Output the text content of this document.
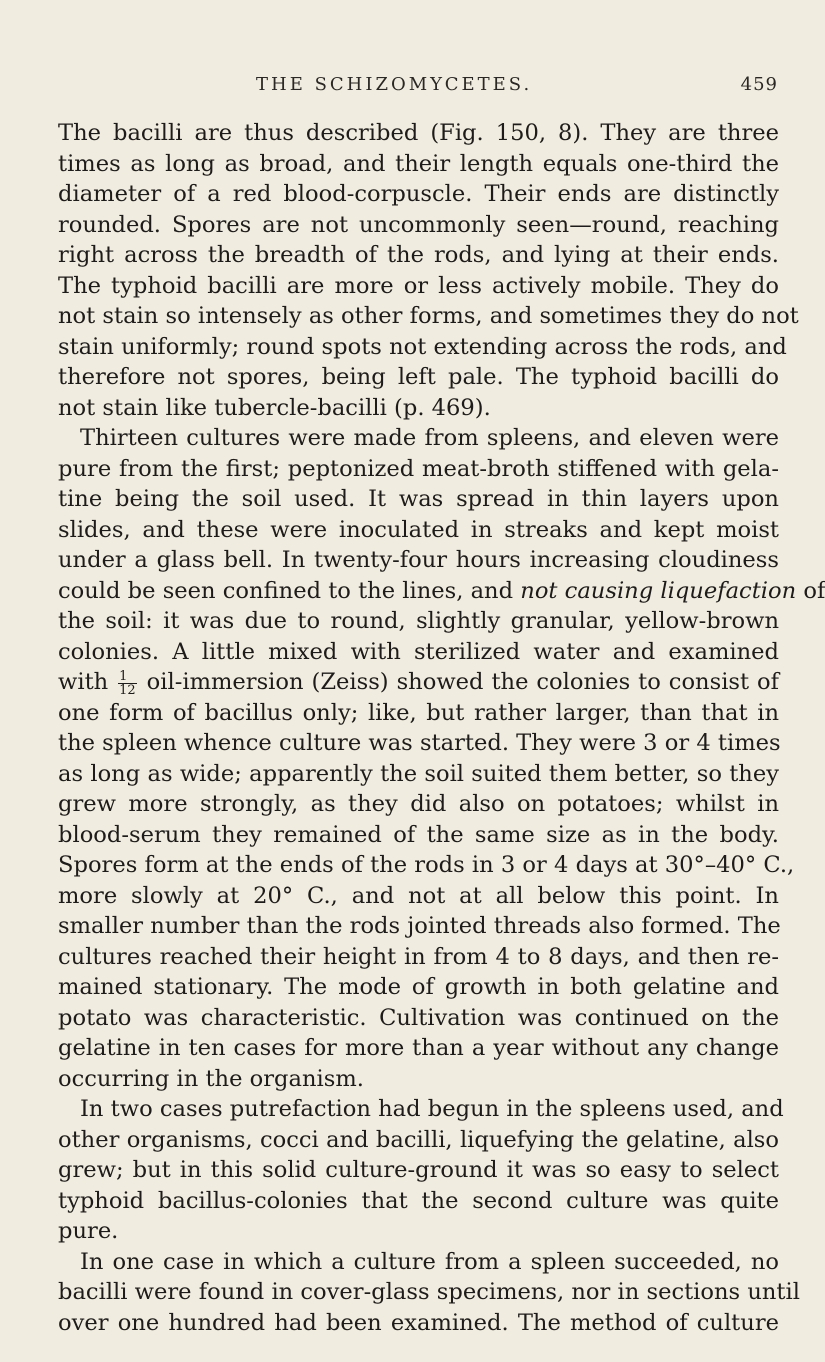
THE SCHIZOMYCETES.	459
The bacilli are thus described (Fig. 150, 8). They are three
times as long as broad, and their length equals one-third the
diameter of a red blood-corpuscle. Their ends are distinctly
rounded. Spores are not uncommonly seen—round, reaching
right across the breadth of the rods, and lying at their ends.
The typhoid bacilli are more or less actively mobile. They do
not stain so intensely as other forms, and sometimes they do not
stain uniformly; round spots not extending across the rods, and
therefore not spores, being left pale. The typhoid bacilli do
not stain like tubercle-bacilli (p. 469).
Thirteen cultures were made from spleens, and eleven were
pure from the first; peptonized meat-broth stiffened with gela-
tine being the soil used. It was spread in thin layers upon
slides, and these were inoculated in streaks and kept moist
under a glass bell. In twenty-four hours increasing cloudiness
could be seen confined to the lines, and not causing liquefaction of
the soil: it was due to round, slightly granular, yellow-brown
colonies. A little mixed with sterilized water and examined
with $\frac{1}{12}$ oil-immersion (Zeiss) showed the colonies to consist of
one form of bacillus only; like, but rather larger, than that in
the spleen whence culture was started. They were 3 or 4 times
as long as wide; apparently the soil suited them better, so they
grew more strongly, as they did also on potatoes; whilst in
blood-serum they remained of the same size as in the body.
Spores form at the ends of the rods in 3 or 4 days at 30°–40° C.,
more slowly at 20° C., and not at all below this point. In
smaller number than the rods jointed threads also formed. The
cultures reached their height in from 4 to 8 days, and then re-
mained stationary. The mode of growth in both gelatine and
potato was characteristic. Cultivation was continued on the
gelatine in ten cases for more than a year without any change
occurring in the organism.
In two cases putrefaction had begun in the spleens used, and
other organisms, cocci and bacilli, liquefying the gelatine, also
grew; but in this solid culture-ground it was so easy to select
typhoid bacillus-colonies that the second culture was quite
pure.
In one case in which a culture from a spleen succeeded, no
bacilli were found in cover-glass specimens, nor in sections until
over one hundred had been examined. The method of culture
